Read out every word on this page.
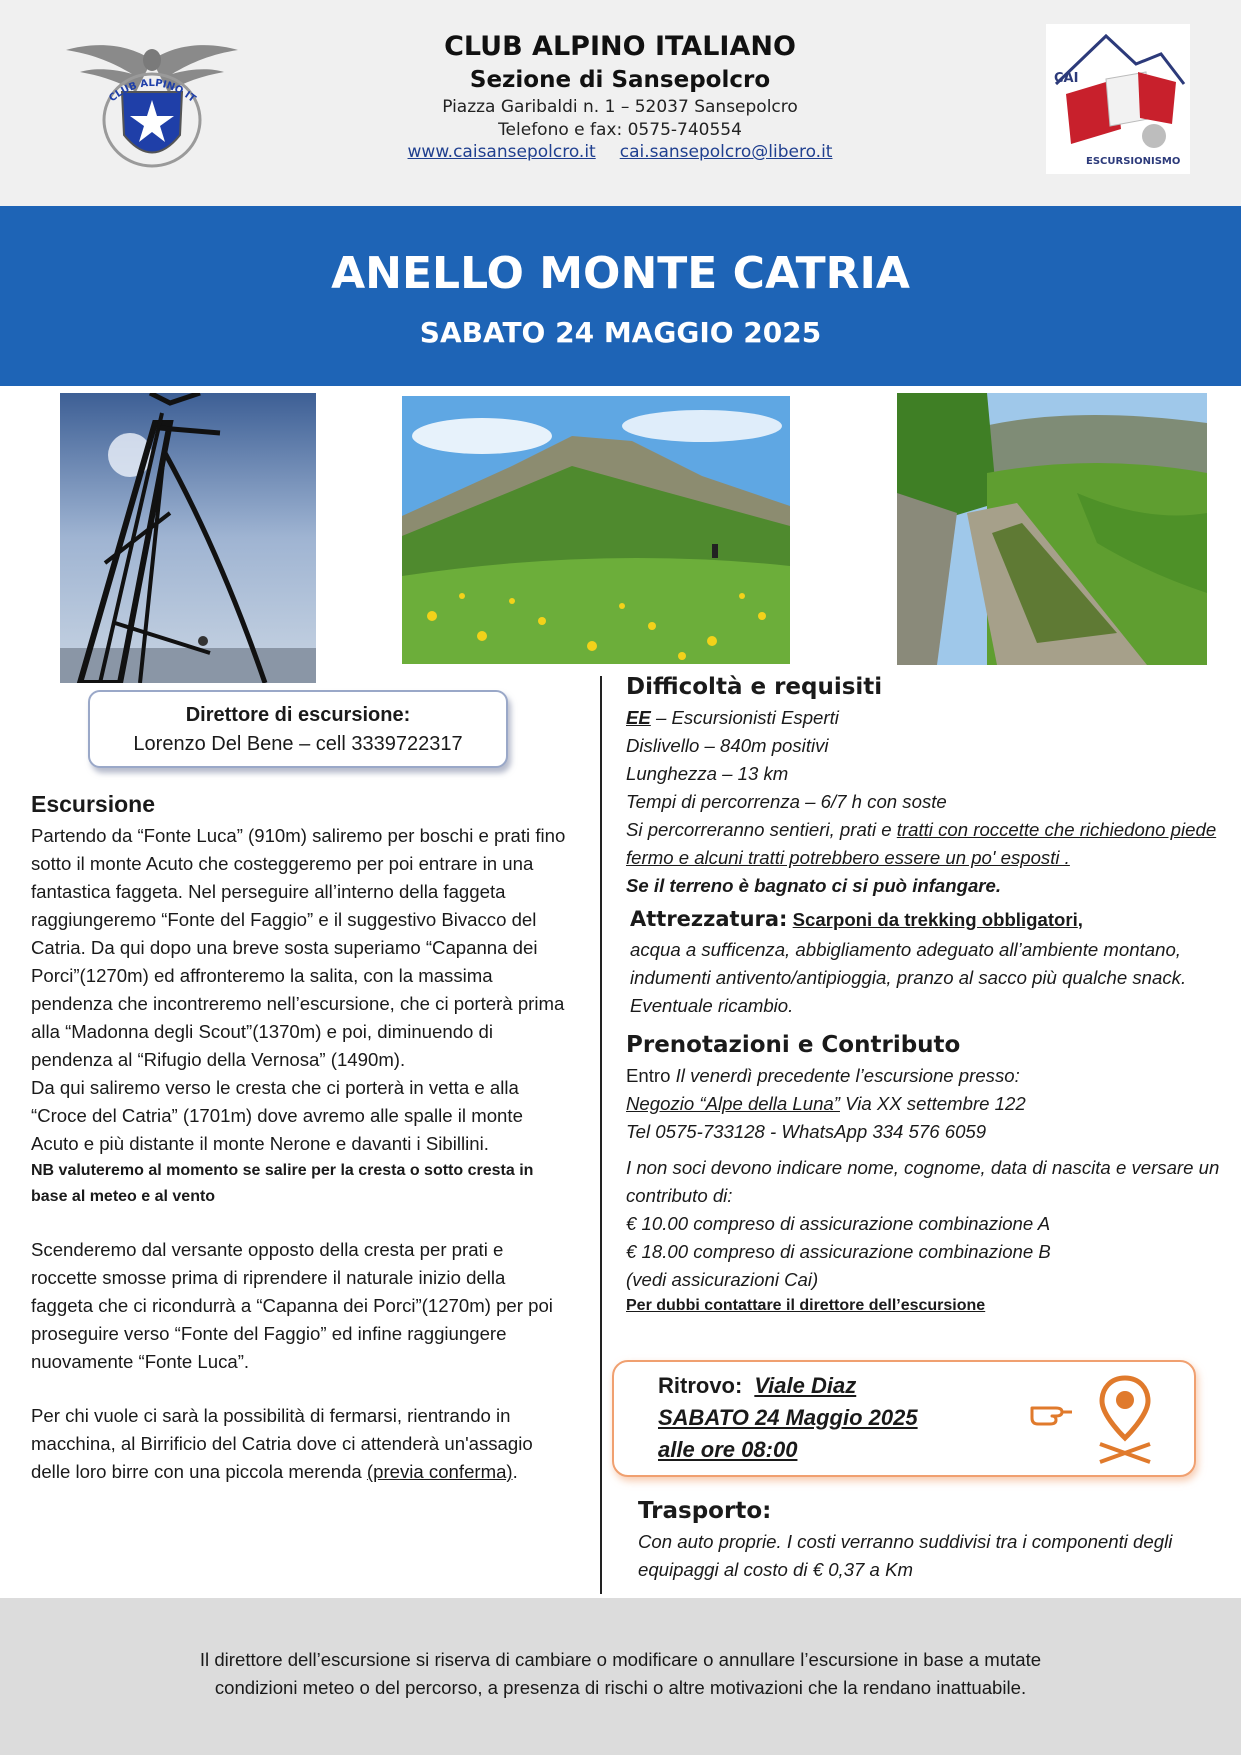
CLUB ALPINO IT
CLUB ALPINO ITALIANO
Sezione di Sansepolcro
Piazza Garibaldi n. 1 – 52037 Sansepolcro
Telefono e fax: 0575-740554
www.caisansepolcro.it cai.sansepolcro@libero.it
CAI
ESCURSIONISMO
ANELLO MONTE CATRIA
SABATO 24 MAGGIO 2025
Direttore di escursione:
Lorenzo Del Bene – cell 3339722317
Escursione

Partendo da “Fonte Luca” (910m) saliremo per boschi e prati fino sotto il monte Acuto che costeggeremo per poi entrare in una fantastica faggeta. Nel perseguire all’interno della faggeta raggiungeremo “Fonte del Faggio” e il suggestivo Bivacco del Catria. Da qui dopo una breve sosta superiamo “Capanna dei Porci”(1270m) ed affronteremo la salita, con la massima pendenza che incontreremo nell’escursione, che ci porterà prima alla “Madonna degli Scout”(1370m) e poi, diminuendo di pendenza al “Rifugio della Vernosa” (1490m).

Da qui saliremo verso le cresta che ci porterà in vetta e alla “Croce del Catria” (1701m) dove avremo alle spalle il monte Acuto e più distante il monte Nerone e davanti i Sibillini.

NB valuteremo al momento se salire per la cresta o sotto cresta in base al meteo e al vento

Scenderemo dal versante opposto della cresta per prati e roccette smosse prima di riprendere il naturale inizio della faggeta che ci ricondurrà a “Capanna dei Porci”(1270m) per poi proseguire verso “Fonte del Faggio” ed infine raggiungere nuovamente “Fonte Luca”.

Per chi vuole ci sarà la possibilità di fermarsi, rientrando in macchina, al Birrificio del Catria dove ci attenderà un'assagio delle loro birre con una piccola merenda (previa conferma).

Difficoltà e requisiti

EE – Escursionisti Esperti

Dislivello – 840m positivi

Lunghezza – 13 km

Tempi di percorrenza – 6/7 h con soste

Si percorreranno sentieri, prati e tratti con roccette che richiedono piede fermo e alcuni tratti potrebbero essere un po' esposti .

Se il terreno è bagnato ci si può infangare.

Attrezzatura: Scarponi da trekking obbligatori,

acqua a sufficenza, abbigliamento adeguato all’ambiente montano, indumenti antivento/antipioggia, pranzo al sacco più qualche snack. Eventuale ricambio.

Prenotazioni e Contributo

Entro Il venerdì precedente l’escursione presso:

Negozio “Alpe della Luna” Via XX settembre 122

Tel 0575-733128 - WhatsApp 334 576 6059

I non soci devono indicare nome, cognome, data di nascita e versare un contributo di:

€ 10.00 compreso di assicurazione combinazione A

€ 18.00 compreso di assicurazione combinazione B

(vedi assicurazioni Cai)

Per dubbi contattare il direttore dell’escursione

Ritrovo: Viale Diaz
SABATO 24 Maggio 2025
alle ore 08:00
Trasporto:

Con auto proprie. I costi verranno suddivisi tra i componenti degli equipaggi al costo di € 0,37 a Km

Il direttore dell’escursione si riserva di cambiare o modificare o annullare l’escursione in base a mutate

condizioni meteo o del percorso, a presenza di rischi o altre motivazioni che la rendano inattuabile.
